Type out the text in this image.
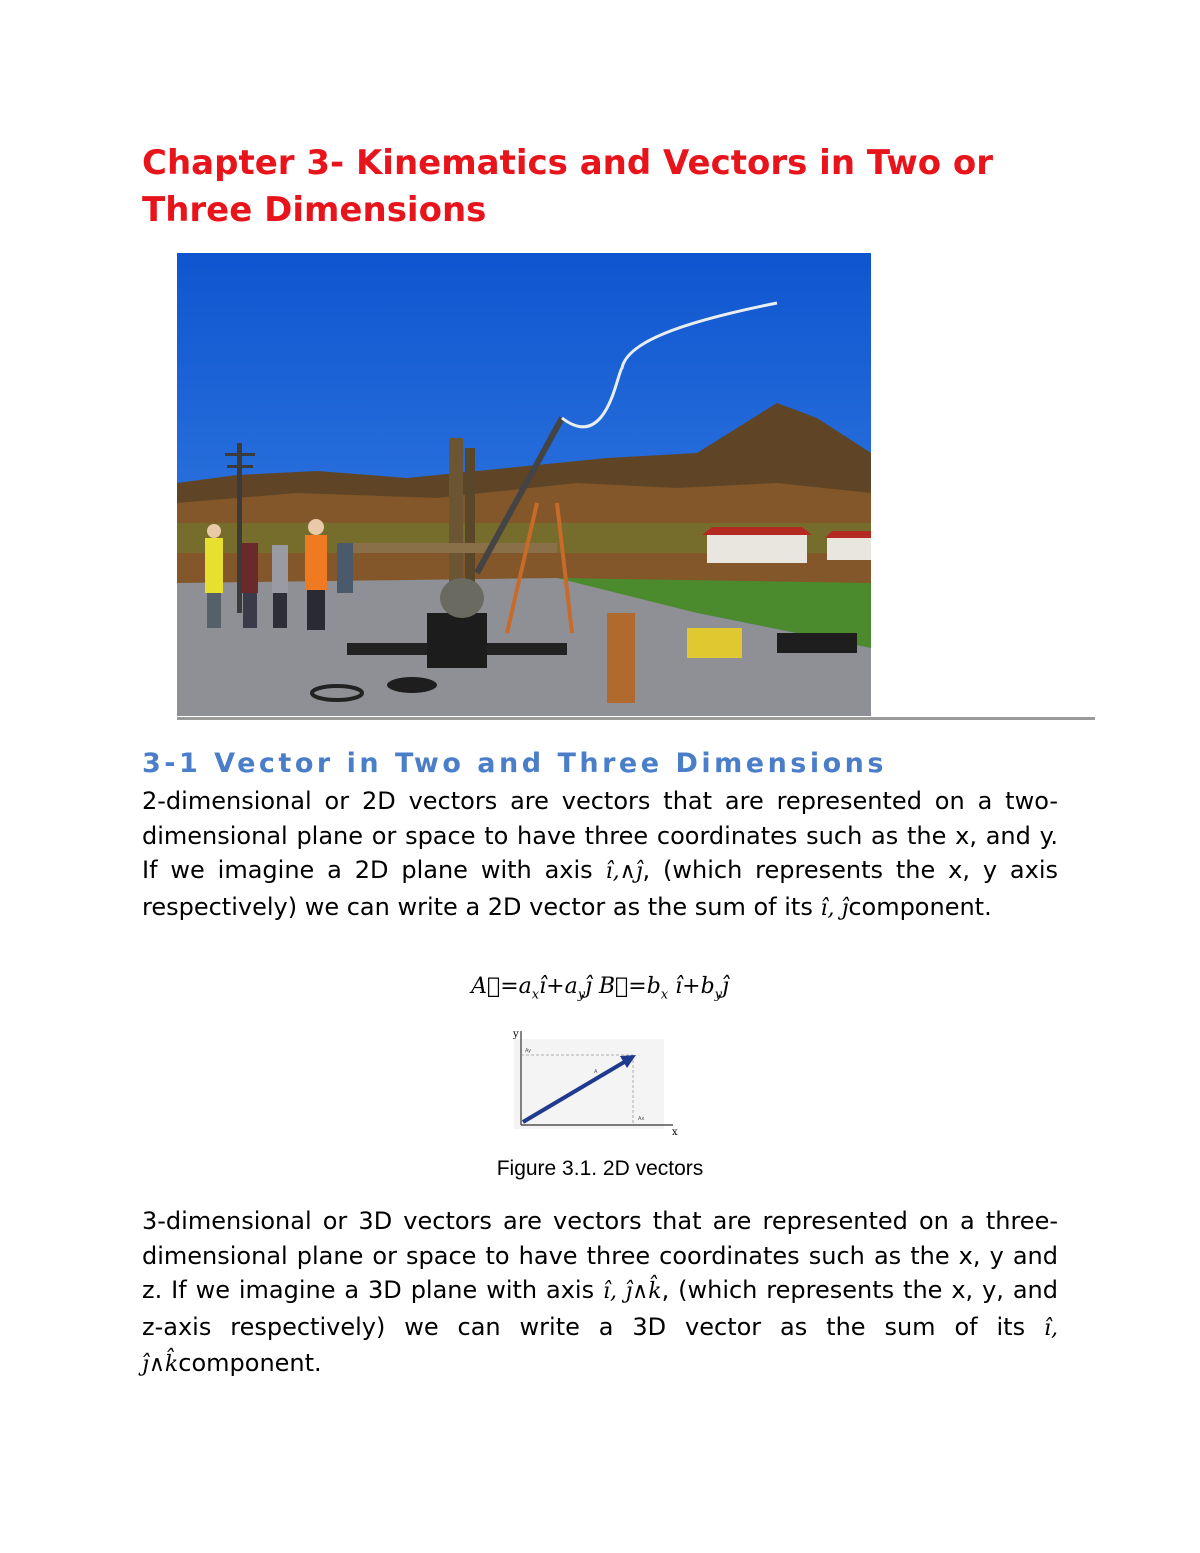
Chapter 3- Kinematics and Vectors in Two or Three Dimensions
3-1 Vector in Two and Three Dimensions

2-dimensional or 2D vectors are vectors that are represented on a two-dimensional plane or space to have three coordinates such as the x, and y. If we imagine a 2D plane with axis î,∧ĵ, (which represents the x, y axis respectively) we can write a 2D vector as the sum of its î, ĵcomponent.

$A⃗=a_xî+a_yĵ$ $B⃗=b_x$ $î+b_yĵ$
y
x
Ay
A
Ax
Figure 3.1. 2D vectors

3-dimensional or 3D vectors are vectors that are represented on a three-dimensional plane or space to have three coordinates such as the x, y and z. If we imagine a 3D plane with axis î, ĵ∧k̂, (which represents the x, y, and z-axis respectively) we can write a 3D vector as the sum of its î, ĵ∧k̂component.
